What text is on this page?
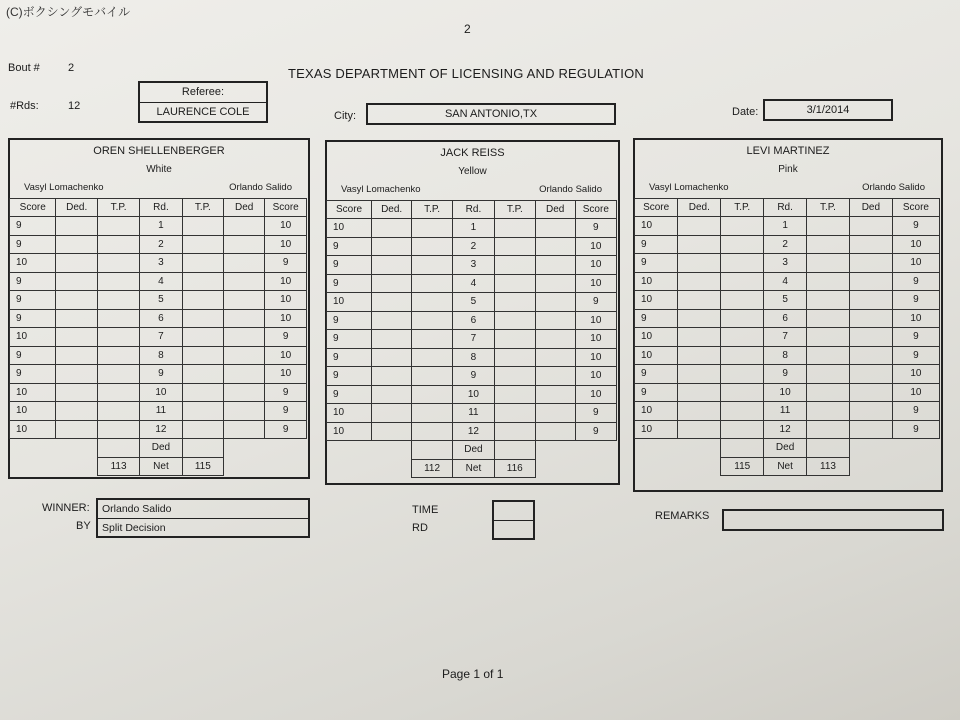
(C)ボクシングモバイル
2
Bout #	2
#Rds:	12
TEXAS DEPARTMENT OF LICENSING AND REGULATION
Referee:
LAURENCE COLE	City:	SAN ANTONIO,TX	Date:	3/1/2014
OREN SHELLENBERGER
White
Vasyl Lomachenko	Orlando Salido
Score	Ded.	T.P.	Rd.	T.P.	Ded	Score
9			1			10
9			2			10
10			3			9
9			4			10
9			5			10
9			6			10
10			7			9
9			8			10
9			9			10
10			10			9
10			11			9
10			12			9
			Ded			
		113	Net	115		
JACK REISS
Yellow
Vasyl Lomachenko	Orlando Salido
Score	Ded.	T.P.	Rd.	T.P.	Ded	Score
10			1			9
9			2			10
9			3			10
9			4			10
10			5			9
9			6			10
9			7			10
9			8			10
9			9			10
9			10			10
10			11			9
10			12			9
			Ded			
		112	Net	116		
LEVI MARTINEZ
Pink
Vasyl Lomachenko	Orlando Salido
Score	Ded.	T.P.	Rd.	T.P.	Ded	Score
10			1			9
9			2			10
9			3			10
10			4			9
10			5			9
9			6			10
10			7			9
10			8			9
9			9			10
9			10			10
10			11			9
10			12			9
			Ded			
		115	Net	113		
WINNER:
BY
Orlando Salido
Split Decision
TIME
RD
REMARKS
Page 1 of 1
